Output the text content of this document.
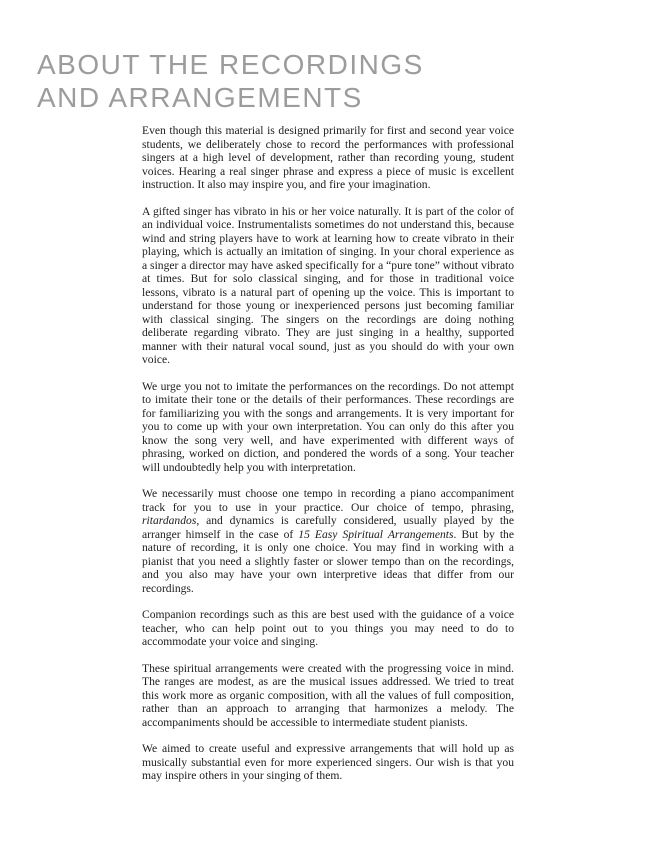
ABOUT THE RECORDINGS
AND ARRANGEMENTS

Even though this material is designed primarily for first and second year voice students, we deliberately chose to record the performances with professional singers at a high level of development, rather than recording young, student voices. Hearing a real singer phrase and express a piece of music is excellent instruction. It also may inspire you, and fire your imagination.

A gifted singer has vibrato in his or her voice naturally. It is part of the color of an individual voice. Instrumentalists sometimes do not understand this, because wind and string players have to work at learning how to create vibrato in their playing, which is actually an imitation of singing. In your choral experience as a singer a director may have asked specifically for a “pure tone” without vibrato at times. But for solo classical singing, and for those in traditional voice lessons, vibrato is a natural part of opening up the voice. This is important to understand for those young or inexperienced persons just becoming familiar with classical singing. The singers on the recordings are doing nothing deliberate regarding vibrato. They are just singing in a healthy, supported manner with their natural vocal sound, just as you should do with your own voice.

We urge you not to imitate the performances on the recordings. Do not attempt to imitate their tone or the details of their performances. These recordings are for familiarizing you with the songs and arrangements. It is very important for you to come up with your own interpretation. You can only do this after you know the song very well, and have experimented with different ways of phrasing, worked on diction, and pondered the words of a song. Your teacher will undoubtedly help you with interpretation.

We necessarily must choose one tempo in recording a piano accompaniment track for you to use in your practice. Our choice of tempo, phrasing, ritardandos, and dynamics is carefully considered, usually played by the arranger himself in the case of 15 Easy Spiritual Arrangements. But by the nature of recording, it is only one choice. You may find in working with a pianist that you need a slightly faster or slower tempo than on the recordings, and you also may have your own interpretive ideas that differ from our recordings.

Companion recordings such as this are best used with the guidance of a voice teacher, who can help point out to you things you may need to do to accommodate your voice and singing.

These spiritual arrangements were created with the progressing voice in mind. The ranges are modest, as are the musical issues addressed. We tried to treat this work more as organic composition, with all the values of full composition, rather than an approach to arranging that harmonizes a melody. The accompaniments should be accessible to intermediate student pianists.

We aimed to create useful and expressive arrangements that will hold up as musically substantial even for more experienced singers. Our wish is that you may inspire others in your singing of them.
